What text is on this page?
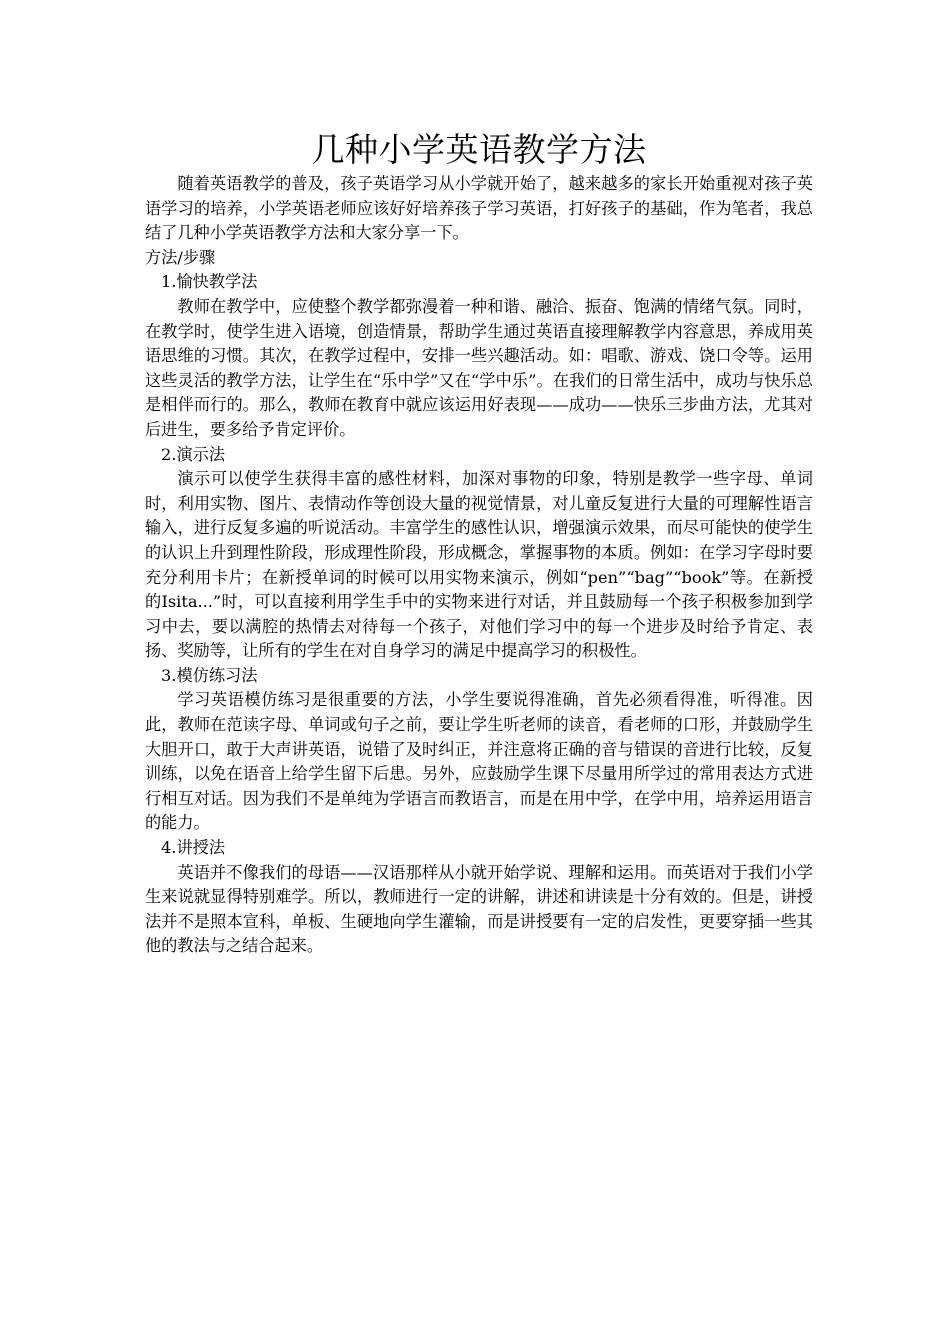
几种小学英语教学方法

随着英语教学的普及，孩子英语学习从小学就开始了，越来越多的家长开始重视对孩子英语学习的培养，小学英语老师应该好好培养孩子学习英语，打好孩子的基础，作为笔者，我总结了几种小学英语教学方法和大家分享一下。

方法/步骤

1.愉快教学法

教师在教学中，应使整个教学都弥漫着一种和谐、融洽、振奋、饱满的情绪气氛。同时，在教学时，使学生进入语境，创造情景，帮助学生通过英语直接理解教学内容意思，养成用英语思维的习惯。其次，在教学过程中，安排一些兴趣活动。如：唱歌、游戏、饶口令等。运用这些灵活的教学方法，让学生在“乐中学”又在“学中乐”。在我们的日常生活中，成功与快乐总是相伴而行的。那么，教师在教育中就应该运用好表现——成功——快乐三步曲方法，尤其对后进生，要多给予肯定评价。

2.演示法

演示可以使学生获得丰富的感性材料，加深对事物的印象，特别是教学一些字母、单词时，利用实物、图片、表情动作等创设大量的视觉情景，对儿童反复进行大量的可理解性语言输入，进行反复多遍的听说活动。丰富学生的感性认识，增强演示效果，而尽可能快的使学生的认识上升到理性阶段，形成理性阶段，形成概念，掌握事物的本质。例如：在学习字母时要充分利用卡片；在新授单词的时候可以用实物来演示，例如“pen”“bag”“book”等。在新授的Isita...”时，可以直接利用学生手中的实物来进行对话，并且鼓励每一个孩子积极参加到学习中去，要以满腔的热情去对待每一个孩子，对他们学习中的每一个进步及时给予肯定、表扬、奖励等，让所有的学生在对自身学习的满足中提高学习的积极性。

3.模仿练习法

学习英语模仿练习是很重要的方法，小学生要说得准确，首先必须看得准，听得准。因此，教师在范读字母、单词或句子之前，要让学生听老师的读音，看老师的口形，并鼓励学生大胆开口，敢于大声讲英语，说错了及时纠正，并注意将正确的音与错误的音进行比较，反复训练，以免在语音上给学生留下后患。另外，应鼓励学生课下尽量用所学过的常用表达方式进行相互对话。因为我们不是单纯为学语言而教语言，而是在用中学，在学中用，培养运用语言的能力。

4.讲授法

英语并不像我们的母语——汉语那样从小就开始学说、理解和运用。而英语对于我们小学生来说就显得特别难学。所以，教师进行一定的讲解，讲述和讲读是十分有效的。但是，讲授法并不是照本宣科，单板、生硬地向学生灌输，而是讲授要有一定的启发性，更要穿插一些其他的教法与之结合起来。
